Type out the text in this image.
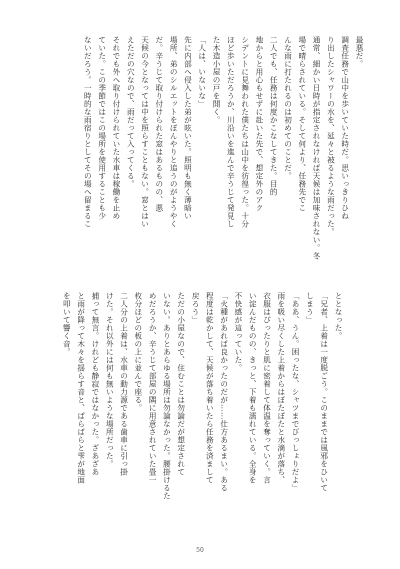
最悪だ。

調査任務で山中を歩いていた時だ。思いっきりひね

り出したシャワーの水を、延々と被るような雨だった。

通常、細かい日時が指定されなければ天候は加味されない。冬場で晴らされている。そして何より、任務先でこ

んな雨に打たれるのは初めてのことだ。

二人でも、任務は何度かこなしてきた。目的

地からと用心もせずに赴いた先で、想定外のアク

シデントに見舞われた僕たちは山中を彷徨った。十分

ほど歩いただろうか、川沿いを進んで辛うじて発見し

た木造小屋の戸を開く。

「人は、いないな」

先に内部へ侵入した弟が呟いた。照明も無く薄暗い

場所、弟のシルエットをぼんやりと追うのがようやく

だ。辛うじて取り付けられた窓はあるものの、悪

天候の今となっては中を照らすこともない。窓とはい

えただの穴なので、雨だって入ってくる。

それでも外へ取り付けられていた水車は稼働を止め

ていた。この季節ではこの場所を使用することも少

ないだろう。一時的な雨宿りとしてその場へ留まるこ

ととなった。

「兄者、上着は一度脱ごう。このままでは風邪をひいて

しまう」

「ああ、うん。困ったな、シャツまでびっしょりだよ」

雨を吸い尽くした上着からはぼたぼたと水滴が落ち、

衣服はぴったりと肌に密着して体温を奪っていく。言

い淀んだものの、きっと、下着も濡れている。全身を

不快感が這っていた。

「火種があれば良かったのだが……仕方あるまい。ある

程度は乾かして、天候が落ち着いたら任務を済まして

戻ろう」

ただの小屋なので、住むことは勿論だが想定されて

いない。ありとあらゆる場所は勿論なかった。腰掛けるた

めだろうか、辛うじて部屋の隅に用意されていた畳一

枚分ほどの板の上に並んで座る。

二人分の上着は、水車の動力源である歯車に引っ掛

けた。それ以外には何も無いような場所だった。

捕って無言。けれども静寂ではなかった。ざあざあ

と雨が降って木々を揺らす音と、ぱらぱらと雫が地面

を叩いて響く音。

50
